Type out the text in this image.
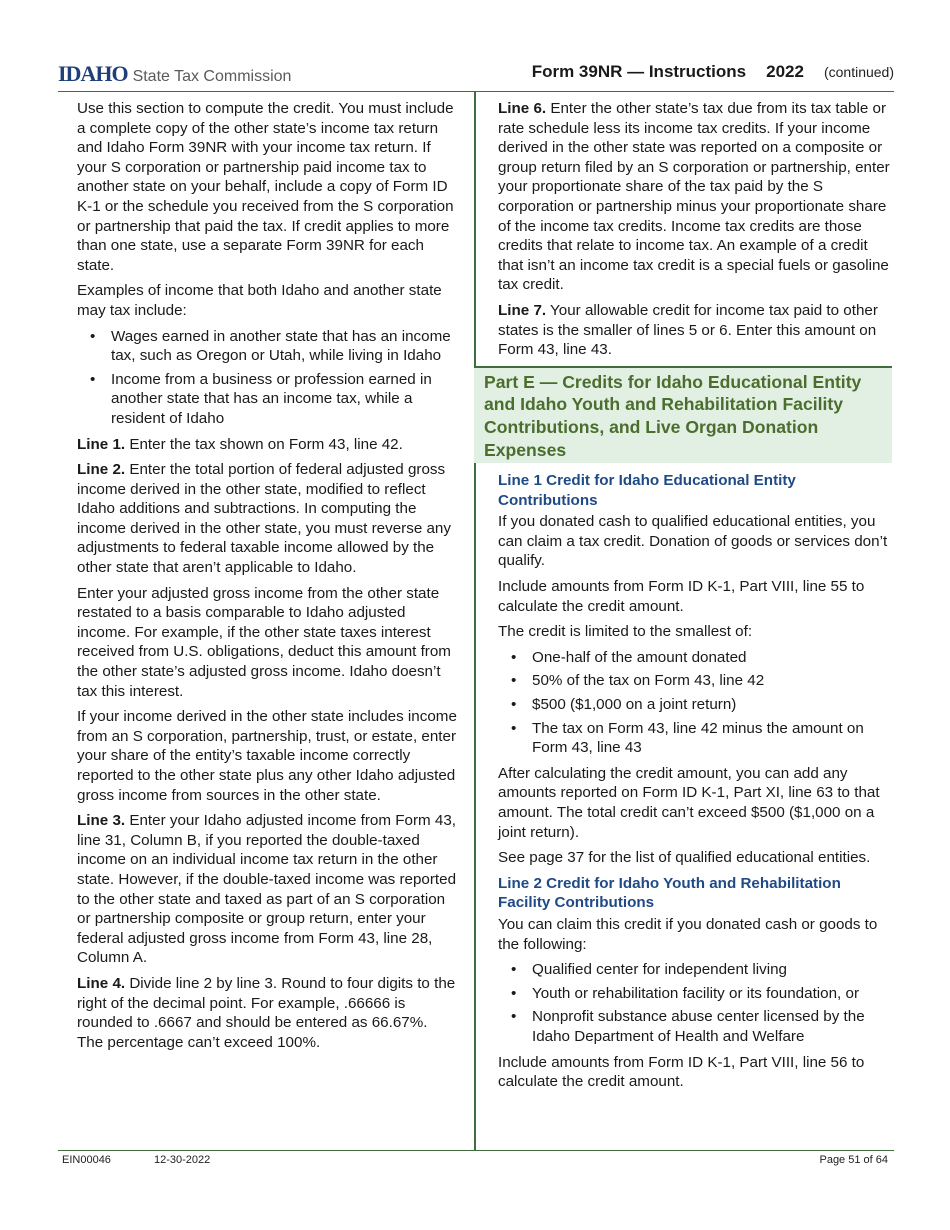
IDAHO State Tax Commission	Form 39NR — Instructions 2022 (continued)

Use this section to compute the credit. You must include a complete copy of the other state’s income tax return and Idaho Form 39NR with your income tax return. If your S corporation or partnership paid income tax to another state on your behalf, include a copy of Form ID K-1 or the schedule you received from the S corporation or partnership that paid the tax. If credit applies to more than one state, use a separate Form 39NR for each state.

Examples of income that both Idaho and another state may tax include:

• Wages earned in another state that has an income tax, such as Oregon or Utah, while living in Idaho
• Income from a business or profession earned in another state that has an income tax, while a resident of Idaho

Line 1. Enter the tax shown on Form 43, line 42.

Line 2. Enter the total portion of federal adjusted gross income derived in the other state, modified to reflect Idaho additions and subtractions. In computing the income derived in the other state, you must reverse any adjustments to federal taxable income allowed by the other state that aren’t applicable to Idaho.

Enter your adjusted gross income from the other state restated to a basis comparable to Idaho adjusted income. For example, if the other state taxes interest received from U.S. obligations, deduct this amount from the other state’s adjusted gross income. Idaho doesn’t tax this interest.

If your income derived in the other state includes income from an S corporation, partnership, trust, or estate, enter your share of the entity’s taxable income correctly reported to the other state plus any other Idaho adjusted gross income from sources in the other state.

Line 3. Enter your Idaho adjusted income from Form 43, line 31, Column B, if you reported the double-taxed income on an individual income tax return in the other state. However, if the double-taxed income was reported to the other state and taxed as part of an S corporation or partnership composite or group return, enter your federal adjusted gross income from Form 43, line 28, Column A.

Line 4. Divide line 2 by line 3. Round to four digits to the right of the decimal point. For example, .66666 is rounded to .6667 and should be entered as 66.67%. The percentage can’t exceed 100%.

Line 6. Enter the other state’s tax due from its tax table or rate schedule less its income tax credits. If your income derived in the other state was reported on a composite or group return filed by an S corporation or partnership, enter your proportionate share of the tax paid by the S corporation or partnership minus your proportionate share of the income tax credits. Income tax credits are those credits that relate to income tax. An example of a credit that isn’t an income tax credit is a special fuels or gasoline tax credit.

Line 7. Your allowable credit for income tax paid to other states is the smaller of lines 5 or 6. Enter this amount on Form 43, line 43.

Part E — Credits for Idaho Educational Entity and Idaho Youth and Rehabilitation Facility Contributions, and Live Organ Donation Expenses

Line 1 Credit for Idaho Educational Entity Contributions

If you donated cash to qualified educational entities, you can claim a tax credit. Donation of goods or services don’t qualify.

Include amounts from Form ID K-1, Part VIII, line 55 to calculate the credit amount.

The credit is limited to the smallest of:

• One-half of the amount donated
• 50% of the tax on Form 43, line 42
• $500 ($1,000 on a joint return)
• The tax on Form 43, line 42 minus the amount on Form 43, line 43

After calculating the credit amount, you can add any amounts reported on Form ID K-1, Part XI, line 63 to that amount. The total credit can’t exceed $500 ($1,000 on a joint return).

See page 37 for the list of qualified educational entities.

Line 2 Credit for Idaho Youth and Rehabilitation Facility Contributions

You can claim this credit if you donated cash or goods to the following:

• Qualified center for independent living
• Youth or rehabilitation facility or its foundation, or
• Nonprofit substance abuse center licensed by the Idaho Department of Health and Welfare

Include amounts from Form ID K-1, Part VIII, line 56 to calculate the credit amount.

EIN00046	12-30-2022	Page 51 of 64
